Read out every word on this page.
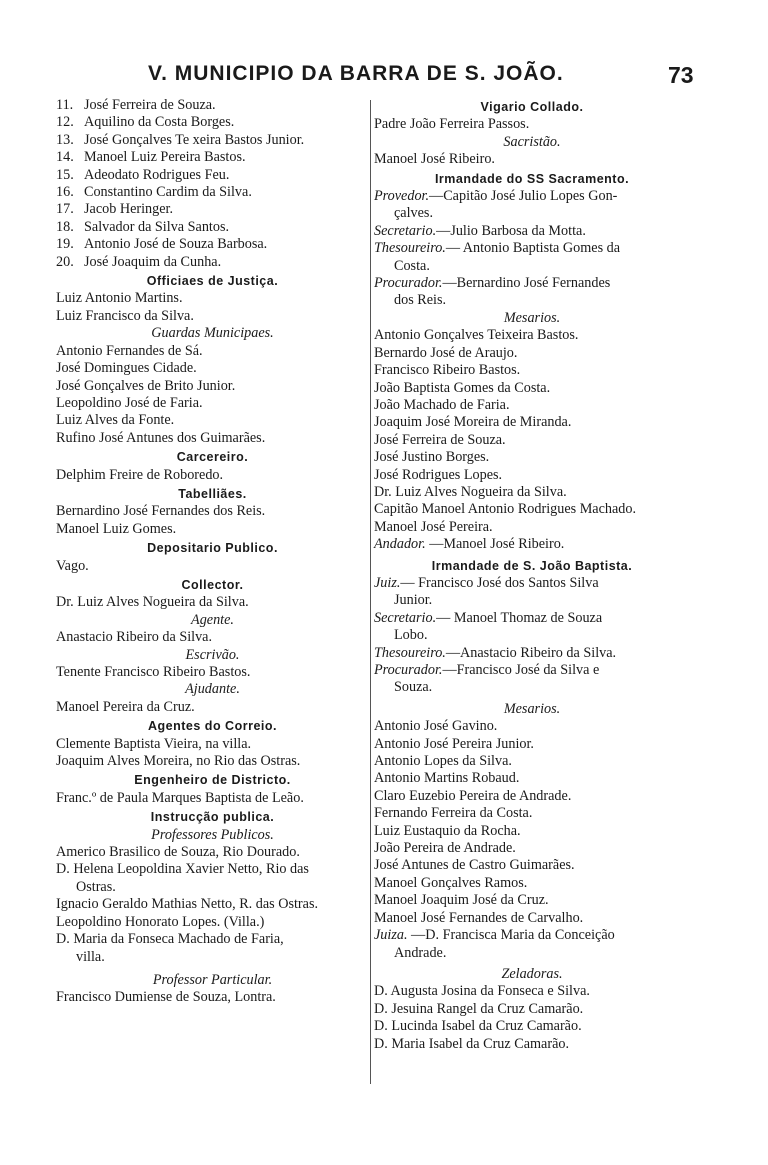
V. MUNICIPIO DA BARRA DE S. JOÃO.	73
11. José Ferreira de Souza.
12. Aquilino da Costa Borges.
13. José Gonçalves Te xeira Bastos Junior.
14. Manoel Luiz Pereira Bastos.
15. Adeodato Rodrigues Feu.
16. Constantino Cardim da Silva.
17. Jacob Heringer.
18. Salvador da Silva Santos.
19. Antonio José de Souza Barbosa.
20. José Joaquim da Cunha.
Officiaes de Justiça.
Luiz Antonio Martins.
Luiz Francisco da Silva.
Guardas Municipaes.
Antonio Fernandes de Sá.
José Domingues Cidade.
José Gonçalves de Brito Junior.
Leopoldino José de Faria.
Luiz Alves da Fonte.
Rufino José Antunes dos Guimarães.
Carcereiro.
Delphim Freire de Roboredo.
Tabelliães.
Bernardino José Fernandes dos Reis.
Manoel Luiz Gomes.
Depositario Publico.
Vago.
Collector.
Dr. Luiz Alves Nogueira da Silva.
Agente.
Anastacio Ribeiro da Silva.
Escrivão.
Tenente Francisco Ribeiro Bastos.
Ajudante.
Manoel Pereira da Cruz.
Agentes do Correio.
Clemente Baptista Vieira, na villa.
Joaquim Alves Moreira, no Rio das Ostras.
Engenheiro de Districto.
Franc.º de Paula Marques Baptista de Leão.
Instrucção publica.
Professores Publicos.
Americo Brasilico de Souza, Rio Dourado.
D. Helena Leopoldina Xavier Netto, Rio das
Ostras.
Ignacio Geraldo Mathias Netto, R. das Ostras.
Leopoldino Honorato Lopes. (Villa.)
D. Maria da Fonseca Machado de Faria,
villa.
Professor Particular.
Francisco Dumiense de Souza, Lontra.
Vigario Collado.
Padre João Ferreira Passos.
Sacristão.
Manoel José Ribeiro.
Irmandade do SS Sacramento.
Provedor.—Capitão José Julio Lopes Gon-
çalves.
Secretario.—Julio Barbosa da Motta.
Thesoureiro.— Antonio Baptista Gomes da
Costa.
Procurador.—Bernardino José Fernandes
dos Reis.
Mesarios.
Antonio Gonçalves Teixeira Bastos.
Bernardo José de Araujo.
Francisco Ribeiro Bastos.
João Baptista Gomes da Costa.
João Machado de Faria.
Joaquim José Moreira de Miranda.
José Ferreira de Souza.
José Justino Borges.
José Rodrigues Lopes.
Dr. Luiz Alves Nogueira da Silva.
Capitão Manoel Antonio Rodrigues Machado.
Manoel José Pereira.
Andador. —Manoel José Ribeiro.
Irmandade de S. João Baptista.
Juiz.— Francisco José dos Santos Silva
Junior.
Secretario.— Manoel Thomaz de Souza
Lobo.
Thesoureiro.—Anastacio Ribeiro da Silva.
Procurador.—Francisco José da Silva e
Souza.
Mesarios.
Antonio José Gavino.
Antonio José Pereira Junior.
Antonio Lopes da Silva.
Antonio Martins Robaud.
Claro Euzebio Pereira de Andrade.
Fernando Ferreira da Costa.
Luiz Eustaquio da Rocha.
João Pereira de Andrade.
José Antunes de Castro Guimarães.
Manoel Gonçalves Ramos.
Manoel Joaquim José da Cruz.
Manoel José Fernandes de Carvalho.
Juiza. —D. Francisca Maria da Conceição
Andrade.
Zeladoras.
D. Augusta Josina da Fonseca e Silva.
D. Jesuina Rangel da Cruz Camarão.
D. Lucinda Isabel da Cruz Camarão.
D. Maria Isabel da Cruz Camarão.
